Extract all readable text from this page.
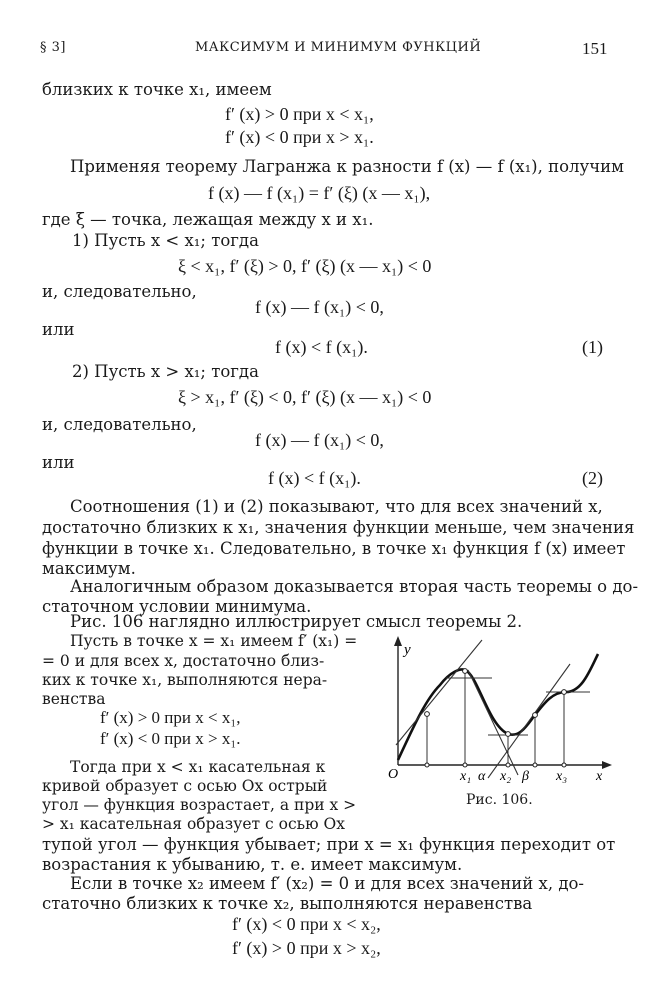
§ 3]	МАКСИМУМ И МИНИМУМ ФУНКЦИЙ	151
близких к точке x₁, имеем
f′ (x) > 0 при x < x₁,
f′ (x) < 0 при x > x₁.
Применяя теорему Лагранжа к разности f (x) — f (x₁), получим
f (x) — f (x₁) = f′ (ξ) (x — x₁),
где ξ — точка, лежащая между x и x₁.
1) Пусть x < x₁; тогда
ξ < x₁, f′ (ξ) > 0, f′ (ξ) (x — x₁) < 0
и, следовательно,
f (x) — f (x₁) < 0,
или
f (x) < f (x₁).	(1)
2) Пусть x > x₁; тогда
ξ > x₁, f′ (ξ) < 0, f′ (ξ) (x — x₁) < 0
и, следовательно,
f (x) — f (x₁) < 0,
или
f (x) < f (x₁).	(2)
Соотношения (1) и (2) показывают, что для всех значений x,
достаточно близких к x₁, значения функции меньше, чем значения
функции в точке x₁. Следовательно, в точке x₁ функция f (x) имеет
максимум.
Аналогичным образом доказывается вторая часть теоремы о до-
статочном условии минимума.
Рис. 106 наглядно иллюстрирует смысл теоремы 2.
Пусть в точке x = x₁ имеем f′ (x₁) =
= 0 и для всех x, достаточно близ-
ких к точке x₁, выполняются нера-
венства
f′ (x) > 0 при x < x₁,
f′ (x) < 0 при x > x₁.
Тогда при x < x₁ касательная к
кривой образует с осью Ox острый
угол — функция возрастает, а при x >
> x₁ касательная образует с осью Ox
тупой угол — функция убывает; при x = x₁ функция переходит от
возрастания к убыванию, т. е. имеет максимум.
Если в точке x₂ имеем f′ (x₂) = 0 и для всех значений x, до-
статочно близких к точке x₂, выполняются неравенства
f′ (x) < 0 при x < x₂,
f′ (x) > 0 при x > x₂,
y
O	x₁ α x₂ β x₃ x
Рис. 106.
